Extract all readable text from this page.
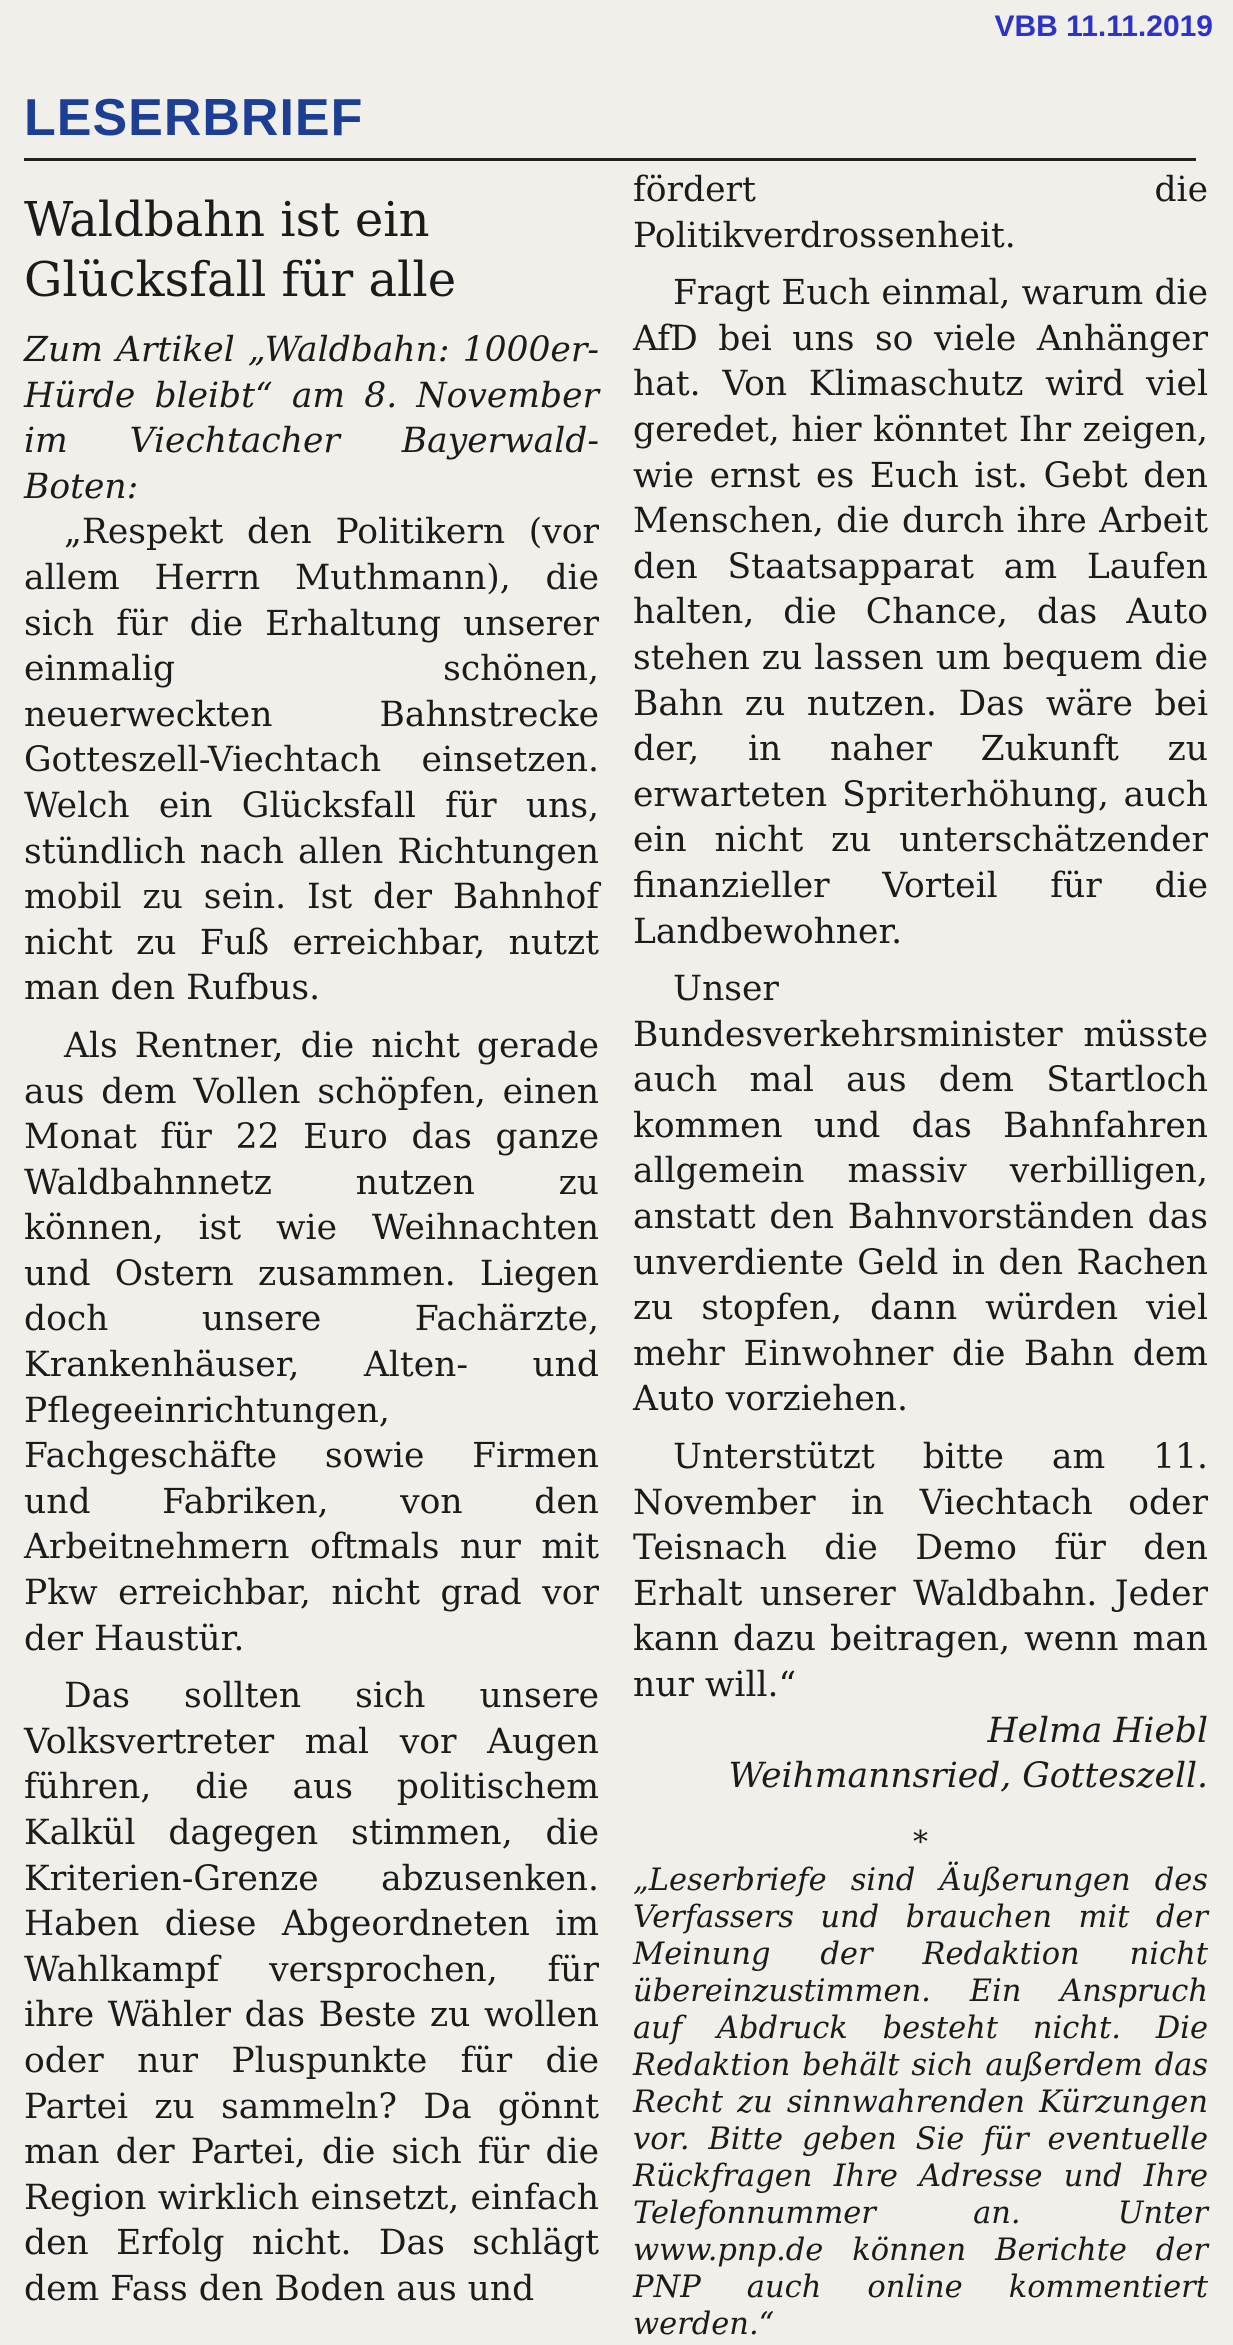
VBB 11.11.2019
LESERBRIEF
Waldbahn ist ein Glücksfall für alle

Zum Artikel „Waldbahn: 1000er-Hürde bleibt“ am 8. November im Viechtacher Bayerwald-Boten:

„Respekt den Politikern (vor allem Herrn Muthmann), die sich für die Erhaltung unserer einmalig schönen, neuerweckten Bahnstrecke Gotteszell-Viechtach einsetzen. Welch ein Glücksfall für uns, stündlich nach allen Richtungen mobil zu sein. Ist der Bahnhof nicht zu Fuß erreichbar, nutzt man den Rufbus.

Als Rentner, die nicht gerade aus dem Vollen schöpfen, einen Monat für 22 Euro das ganze Waldbahnnetz nutzen zu können, ist wie Weihnachten und Ostern zusammen. Liegen doch unsere Fachärzte, Krankenhäuser, Alten- und Pflegeeinrichtungen, Fachgeschäfte sowie Firmen und Fabriken, von den Arbeitnehmern oftmals nur mit Pkw erreichbar, nicht grad vor der Haustür.

Das sollten sich unsere Volksvertreter mal vor Augen führen, die aus politischem Kalkül dagegen stimmen, die Kriterien-Grenze abzusenken. Haben diese Abgeordneten im Wahlkampf versprochen, für ihre Wähler das Beste zu wollen oder nur Pluspunkte für die Partei zu sammeln? Da gönnt man der Partei, die sich für die Region wirklich einsetzt, einfach den Erfolg nicht. Das schlägt dem Fass den Boden aus und

fördert die Politikverdrossenheit.

Fragt Euch einmal, warum die AfD bei uns so viele Anhänger hat. Von Klimaschutz wird viel geredet, hier könntet Ihr zeigen, wie ernst es Euch ist. Gebt den Menschen, die durch ihre Arbeit den Staatsapparat am Laufen halten, die Chance, das Auto stehen zu lassen um bequem die Bahn zu nutzen. Das wäre bei der, in naher Zukunft zu erwarteten Spriterhöhung, auch ein nicht zu unterschätzender finanzieller Vorteil für die Landbewohner.

Unser Bundesverkehrsminister müsste auch mal aus dem Startloch kommen und das Bahnfahren allgemein massiv verbilligen, anstatt den Bahnvorständen das unverdiente Geld in den Rachen zu stopfen, dann würden viel mehr Einwohner die Bahn dem Auto vorziehen.

Unterstützt bitte am 11. November in Viechtach oder Teisnach die Demo für den Erhalt unserer Waldbahn. Jeder kann dazu beitragen, wenn man nur will.“

Helma Hiebl

Weihmannsried, Gotteszell.

*

„Leserbriefe sind Äußerungen des Verfassers und brauchen mit der Meinung der Redaktion nicht übereinzustimmen. Ein Anspruch auf Abdruck besteht nicht. Die Redaktion behält sich außerdem das Recht zu sinnwahrenden Kürzungen vor. Bitte geben Sie für eventuelle Rückfragen Ihre Adresse und Ihre Telefonnummer an. Unter www.pnp.de können Berichte der PNP auch online kommentiert werden.“
